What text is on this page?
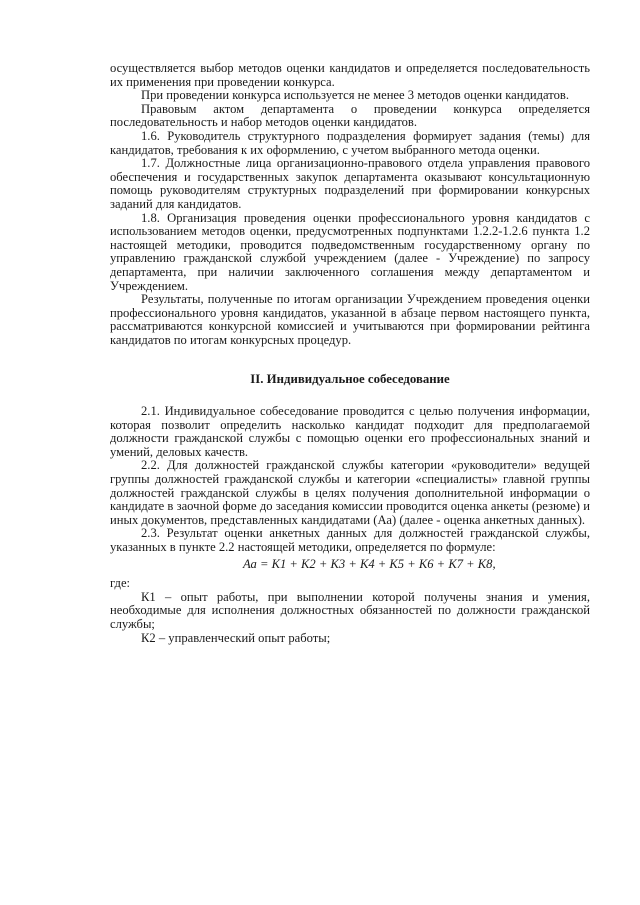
осуществляется выбор методов оценки кандидатов и определяется последовательность их применения при проведении конкурса.

При проведении конкурса используется не менее 3 методов оценки кандидатов.

Правовым актом департамента о проведении конкурса определяется последовательность и набор методов оценки кандидатов.

1.6. Руководитель структурного подразделения формирует задания (темы) для кандидатов, требования к их оформлению, с учетом выбранного метода оценки.

1.7. Должностные лица организационно-правового отдела управления правового обеспечения и государственных закупок департамента оказывают консультационную помощь руководителям структурных подразделений при формировании конкурсных заданий для кандидатов.

1.8. Организация проведения оценки профессионального уровня кандидатов с использованием методов оценки, предусмотренных подпунктами 1.2.2-1.2.6 пункта 1.2 настоящей методики, проводится подведомственным государственному органу по управлению гражданской службой учреждением (далее - Учреждение) по запросу департамента, при наличии заключенного соглашения между департаментом и Учреждением.

Результаты, полученные по итогам организации Учреждением проведения оценки профессионального уровня кандидатов, указанной в абзаце первом настоящего пункта, рассматриваются конкурсной комиссией и учитываются при формировании рейтинга кандидатов по итогам конкурсных процедур.

II. Индивидуальное собеседование

2.1. Индивидуальное собеседование проводится с целью получения информации, которая позволит определить насколько кандидат подходит для предполагаемой должности гражданской службы с помощью оценки его профессиональных знаний и умений, деловых качеств.

2.2. Для должностей гражданской службы категории «руководители» ведущей группы должностей гражданской службы и категории «специалисты» главной группы должностей гражданской службы в целях получения дополнительной информации о кандидате в заочной форме до заседания комиссии проводится оценка анкеты (резюме) и иных документов, представленных кандидатами (Аа) (далее - оценка анкетных данных).

2.3. Результат оценки анкетных данных для должностей гражданской службы, указанных в пункте 2.2 настоящей методики, определяется по формуле:

Аа = К1 + К2 + К3 + К4 + К5 + К6 + К7 + К8,

где:

К1 – опыт работы, при выполнении которой получены знания и умения, необходимые для исполнения должностных обязанностей по должности гражданской службы;

К2 – управленческий опыт работы;
